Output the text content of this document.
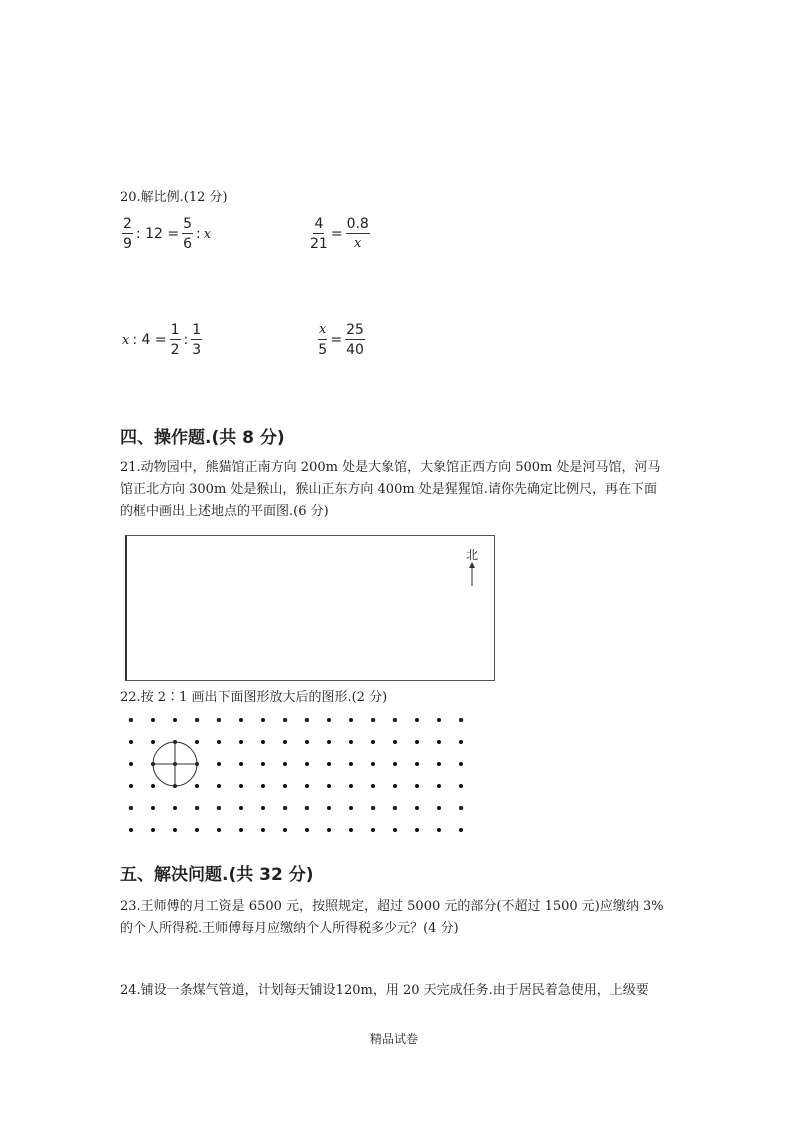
20.解比例.(12 分)
$\frac{2}{9}$ : $12 = \frac{5}{6}$ : x	$\frac{4}{21} = \frac{0.8}{x}$
x : $4 = \frac{1}{2}$ : $\frac{1}{3}$	$\frac{x}{5} = \frac{25}{40}$
四、操作题.(共 8 分)
21.动物园中，熊猫馆正南方向 200m 处是大象馆，大象馆正西方向 500m 处是河马馆，河马
馆正北方向 300m 处是猴山，猴山正东方向 400m 处是猩猩馆.请你先确定比例尺，再在下面
的框中画出上述地点的平面图.(6 分)
北
22.按 2∶1 画出下面图形放大后的图形.(2 分)
五、解决问题.(共 32 分)
23.王师傅的月工资是 6500 元，按照规定，超过 5000 元的部分(不超过 1500 元)应缴纳 3%
的个人所得税.王师傅每月应缴纳个人所得税多少元？(4 分)
24.铺设一条煤气管道，计划每天铺设120m，用 20 天完成任务.由于居民着急使用，上级要
精品试卷
